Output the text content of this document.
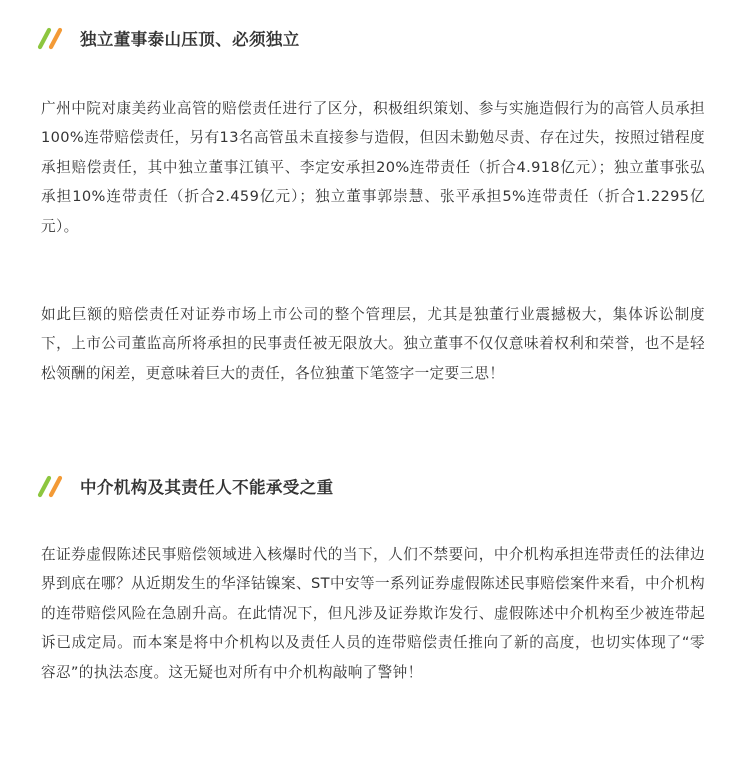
独立董事泰山压顶、必须独立

广州中院对康美药业高管的赔偿责任进行了区分，积极组织策划、参与实施造假行为的高管人员承担100%连带赔偿责任，另有13名高管虽未直接参与造假，但因未勤勉尽责、存在过失，按照过错程度承担赔偿责任，其中独立董事江镇平、李定安承担20%连带责任（折合4.918亿元）；独立董事张弘承担10%连带责任（折合2.459亿元）；独立董事郭崇慧、张平承担5%连带责任（折合1.2295亿元）。

如此巨额的赔偿责任对证券市场上市公司的整个管理层，尤其是独董行业震撼极大，集体诉讼制度下，上市公司董监高所将承担的民事责任被无限放大。独立董事不仅仅意味着权利和荣誉，也不是轻松领酬的闲差，更意味着巨大的责任，各位独董下笔签字一定要三思！

中介机构及其责任人不能承受之重

在证券虚假陈述民事赔偿领域进入核爆时代的当下，人们不禁要问，中介机构承担连带责任的法律边界到底在哪？从近期发生的华泽钴镍案、ST中安等一系列证券虚假陈述民事赔偿案件来看，中介机构的连带赔偿风险在急剧升高。在此情况下，但凡涉及证券欺诈发行、虚假陈述中介机构至少被连带起诉已成定局。而本案是将中介机构以及责任人员的连带赔偿责任推向了新的高度，也切实体现了“零容忍”的执法态度。这无疑也对所有中介机构敲响了警钟！
